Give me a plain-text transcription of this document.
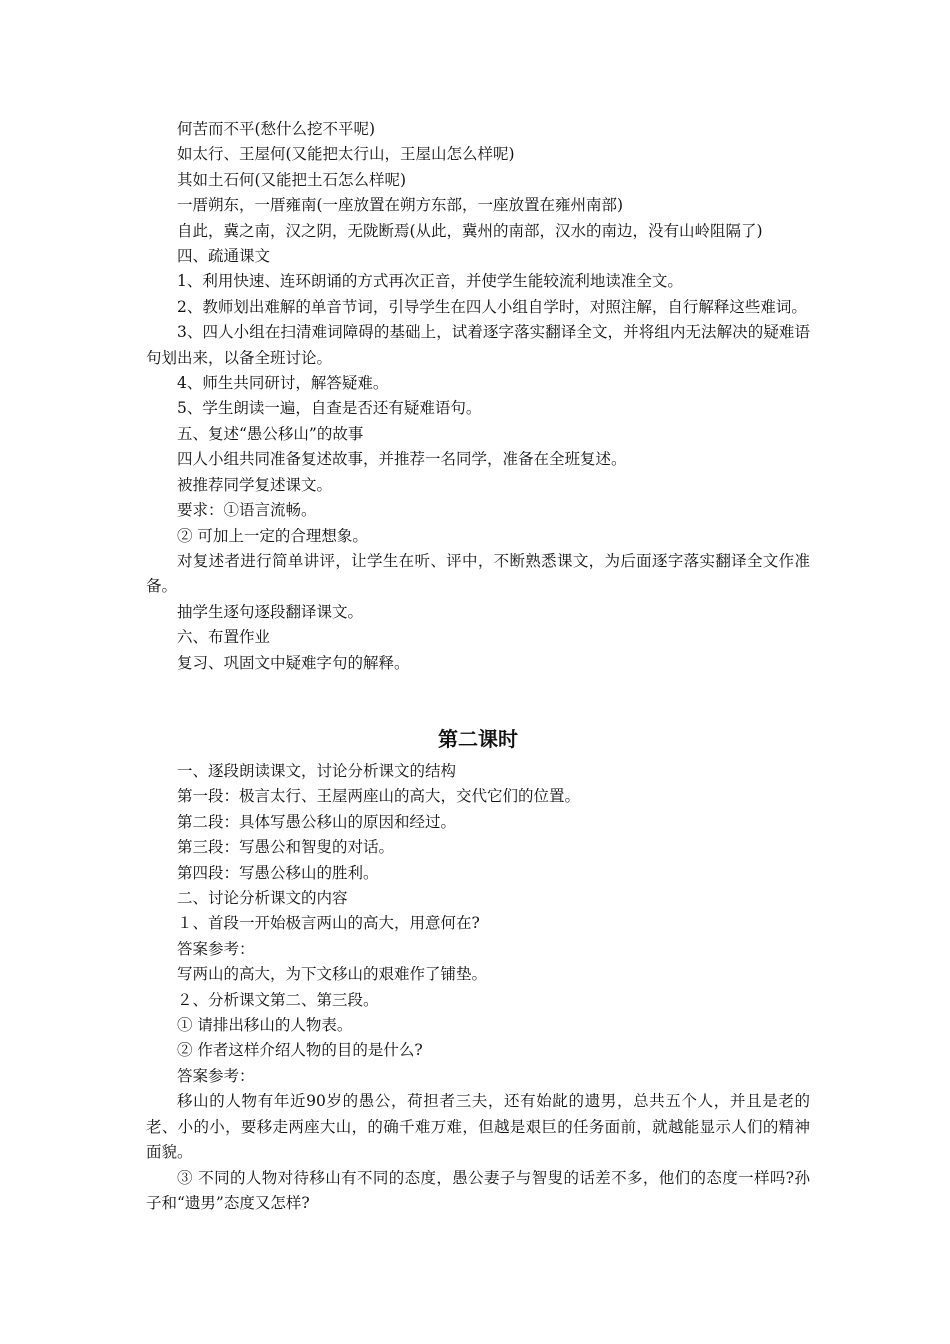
何苦而不平(愁什么挖不平呢)
如太行、王屋何(又能把太行山，王屋山怎么样呢)
其如土石何(又能把土石怎么样呢)
一厝朔东，一厝雍南(一座放置在朔方东部，一座放置在雍州南部)
自此，冀之南，汉之阴，无陇断焉(从此，冀州的南部，汉水的南边，没有山岭阻隔了)
四、疏通课文
1、利用快速、连环朗诵的方式再次正音，并使学生能较流利地读准全文。
2、教师划出难解的单音节词，引导学生在四人小组自学时，对照注解，自行解释这些难词。
3、四人小组在扫清难词障碍的基础上，试着逐字落实翻译全文，并将组内无法解决的疑难语句划出来，以备全班讨论。
4、师生共同研讨，解答疑难。
5、学生朗读一遍，自查是否还有疑难语句。
五、复述“愚公移山”的故事
四人小组共同准备复述故事，并推荐一名同学，准备在全班复述。
被推荐同学复述课文。
要求：①语言流畅。
② 可加上一定的合理想象。
对复述者进行简单讲评，让学生在听、评中，不断熟悉课文，为后面逐字落实翻译全文作准备。
抽学生逐句逐段翻译课文。
六、布置作业
复习、巩固文中疑难字句的解释。
第二课时
一、逐段朗读课文，讨论分析课文的结构
第一段：极言太行、王屋两座山的高大，交代它们的位置。
第二段：具体写愚公移山的原因和经过。
第三段：写愚公和智叟的对话。
第四段：写愚公移山的胜利。
二、讨论分析课文的内容
１、首段一开始极言两山的高大，用意何在?
答案参考：
写两山的高大，为下文移山的艰难作了铺垫。
２、分析课文第二、第三段。
① 请排出移山的人物表。
② 作者这样介绍人物的目的是什么?
答案参考：
移山的人物有年近90岁的愚公，荷担者三夫，还有始龀的遗男，总共五个人，并且是老的老、小的小，要移走两座大山，的确千难万难，但越是艰巨的任务面前，就越能显示人们的精神面貌。
③ 不同的人物对待移山有不同的态度，愚公妻子与智叟的话差不多，他们的态度一样吗?孙子和“遗男”态度又怎样?
